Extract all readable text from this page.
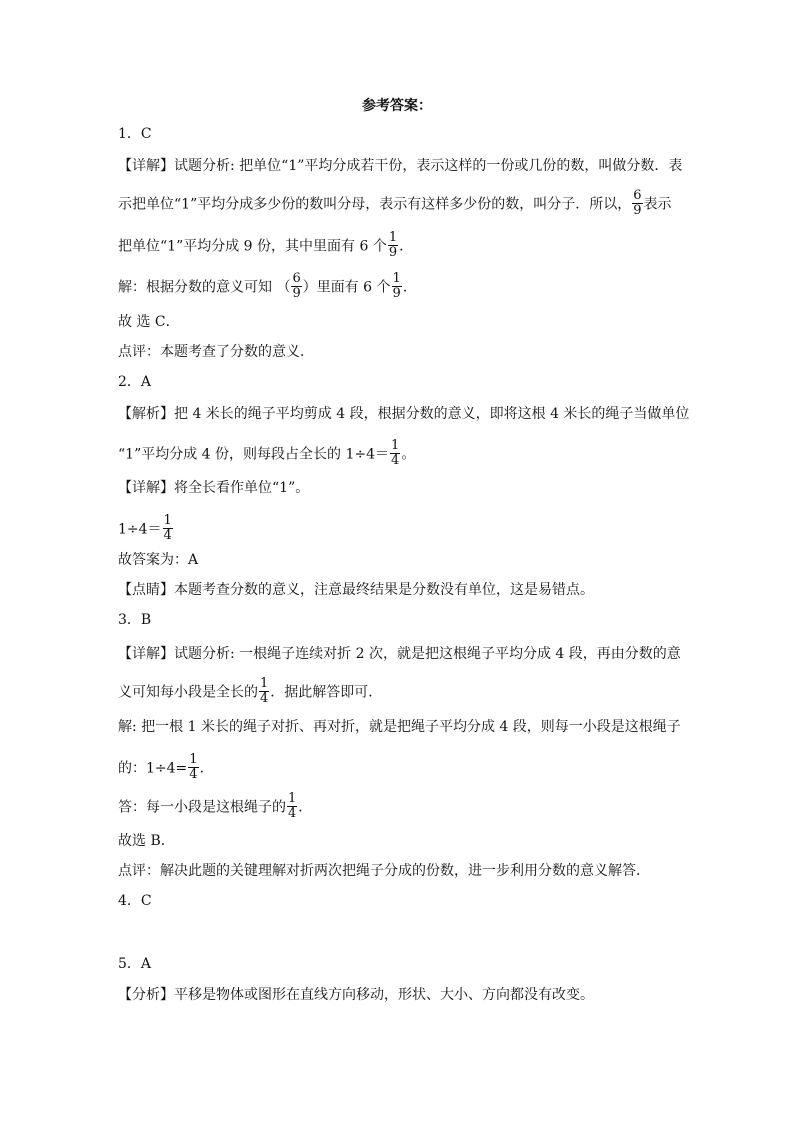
参考答案：
1．C
【详解】试题分析: 把单位“1”平均分成若干份，表示这样的一份或几份的数，叫做分数．表
示把单位“1”平均分成多少份的数叫分母，表示有这样多少份的数，叫分子．所以， $\frac{6}{9}$ 表示
把单位“1”平均分成 9 份，其中里面有 6 个 $\frac{1}{9}$ ．
解：根据分数的意义可知 （ $\frac{6}{9}$ ）里面有 6 个 $\frac{1}{9}$ ．
故 选 C．
点评：本题考查了分数的意义．
2．A
【解析】把 4 米长的绳子平均剪成 4 段，根据分数的意义，即将这根 4 米长的绳子当做单位
“1”平均分成 4 份，则每段占全长的 $1\div 4= \frac{1}{4}$ 。
【详解】将全长看作单位“1”。
$1\div 4= \frac{1}{4}$
故答案为：A
【点睛】本题考查分数的意义，注意最终结果是分数没有单位，这是易错点。
3．B
【详解】试题分析: 一根绳子连续对折 2 次，就是把这根绳子平均分成 4 段，再由分数的意
义可知每小段是全长的 $\frac{1}{4}$ ．据此解答即可．
解: 把一根 1 米长的绳子对折、再对折，就是把绳子平均分成 4 段，则每一小段是这根绳子
的：$1\div 4= \frac{1}{4}$ ．
答：每一小段是这根绳子的 $\frac{1}{4}$ ．
故选 B．
点评：解决此题的关键理解对折两次把绳子分成的份数，进一步利用分数的意义解答．
4．C
5．A
【分析】平移是物体或图形在直线方向移动，形状、大小、方向都没有改变。
